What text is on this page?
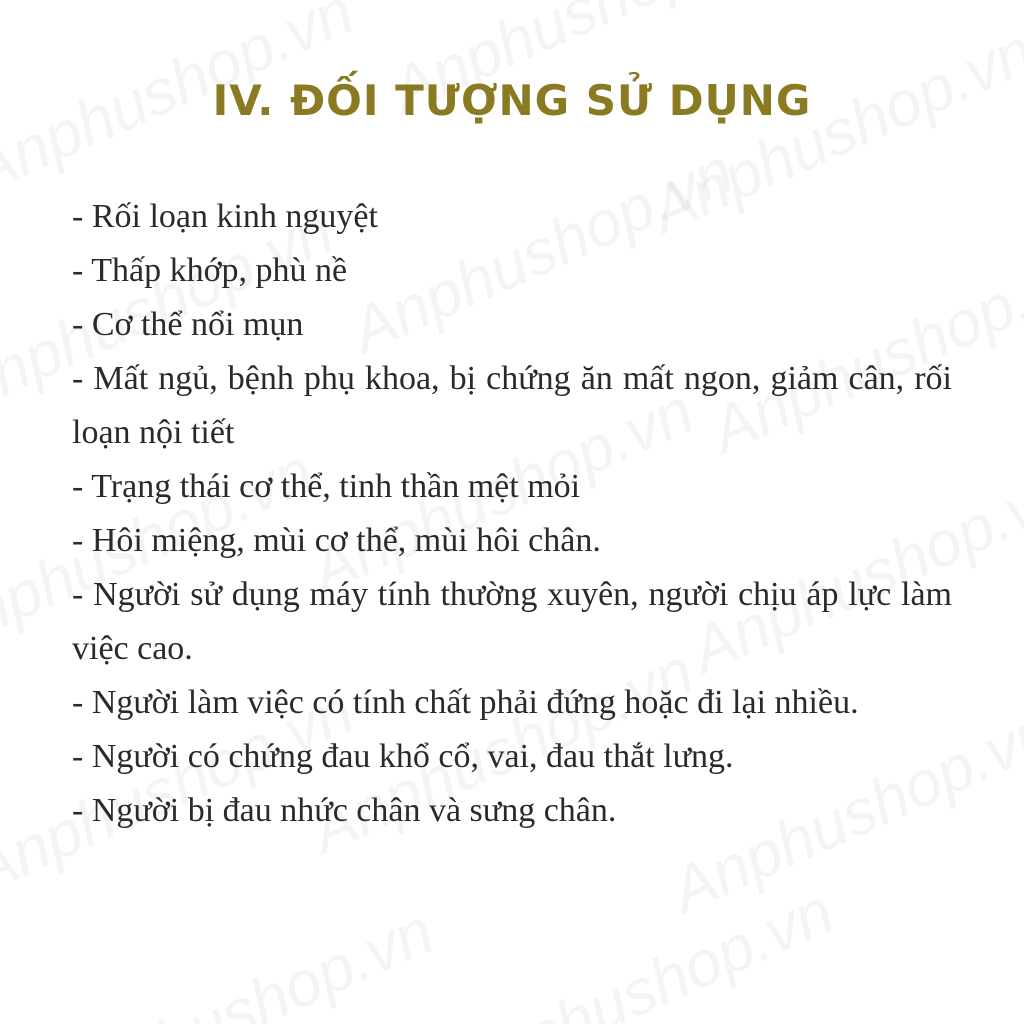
IV. ĐỐI TƯỢNG SỬ DỤNG

- Rối loạn kinh nguyệt

- Thấp khớp, phù nề

- Cơ thể nổi mụn

- Mất ngủ, bệnh phụ khoa, bị chứng ăn mất ngon, giảm cân, rối loạn nội tiết

- Trạng thái cơ thể, tinh thần mệt mỏi

- Hôi miệng, mùi cơ thể, mùi hôi chân.

- Người sử dụng máy tính thường xuyên, người chịu áp lực làm việc cao.

- Người làm việc có tính chất phải đứng hoặc đi lại nhiều.

- Người có chứng đau khổ cổ, vai, đau thắt lưng.

- Người bị đau nhức chân và sưng chân.
